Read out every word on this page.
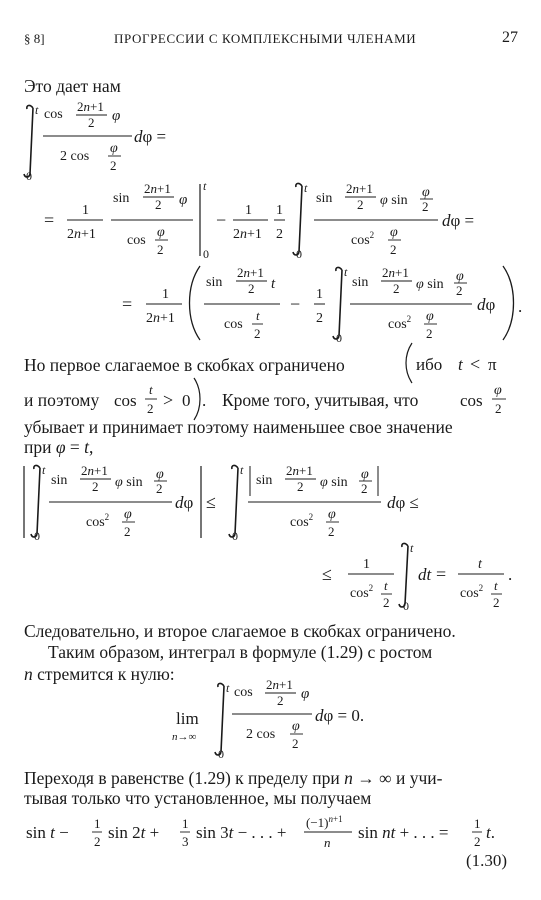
§ 8]	ПРОГРЕССИИ С КОМПЛЕКСНЫМИ ЧЛЕНАМИ	27
Это дает нам
t
0
cos
2n+1
2 φ
2 cos
φ
2
dφ =
= 1
2n+1
sin
2n+1
2 φ
cos
φ
2
t
0
− 1
2n+1
1
2
t
0
sin
2n+1
2 φ sin
φ
2
$\cos^2 \varphi$
2
dφ =
= 1
2n+1
sin
2n+1
2 t
cos
t
2
− 1
2
t
0
sin
2n+1
2 φ sin
φ
2
$\cos^2 \varphi$
2
dφ .
Но первое слагаемое в скобках ограничено	ибо t < π
и поэтому cos
t
2 > 0 . Кроме того, учитывая, что cos
φ
2
убывает и принимает поэтому наименьшее свое значение
при φ = t,
t
0
sin
2n+1
2 φ sin
φ
2
$\cos^2 \varphi$
2
dφ ≤
t
0
sin
2n+1
2 φ sin
φ
2
$\cos^2 \varphi$
2
dφ ≤
≤ 1
$\cos^2 t$
2
t
0
dt = t
$\cos^2 t$
2
.
Следовательно, и второе слагаемое в скобках ограничено.
Таким образом, интеграл в формуле (1.29) с ростом
n стремится к нулю:
lim
n→∞
t
0
cos
2n+1
2 φ
2 cos
φ
2
dφ = 0.
Переходя в равенстве (1.29) к пределу при n → ∞ и учи-
тывая только что установленное, мы получаем
sin t − 1
2 sin 2t + 1
3 sin 3t − . . . +
$(-1)^{n+1}$
n
sin nt + . . . = 1
2 t.
(1.30)
